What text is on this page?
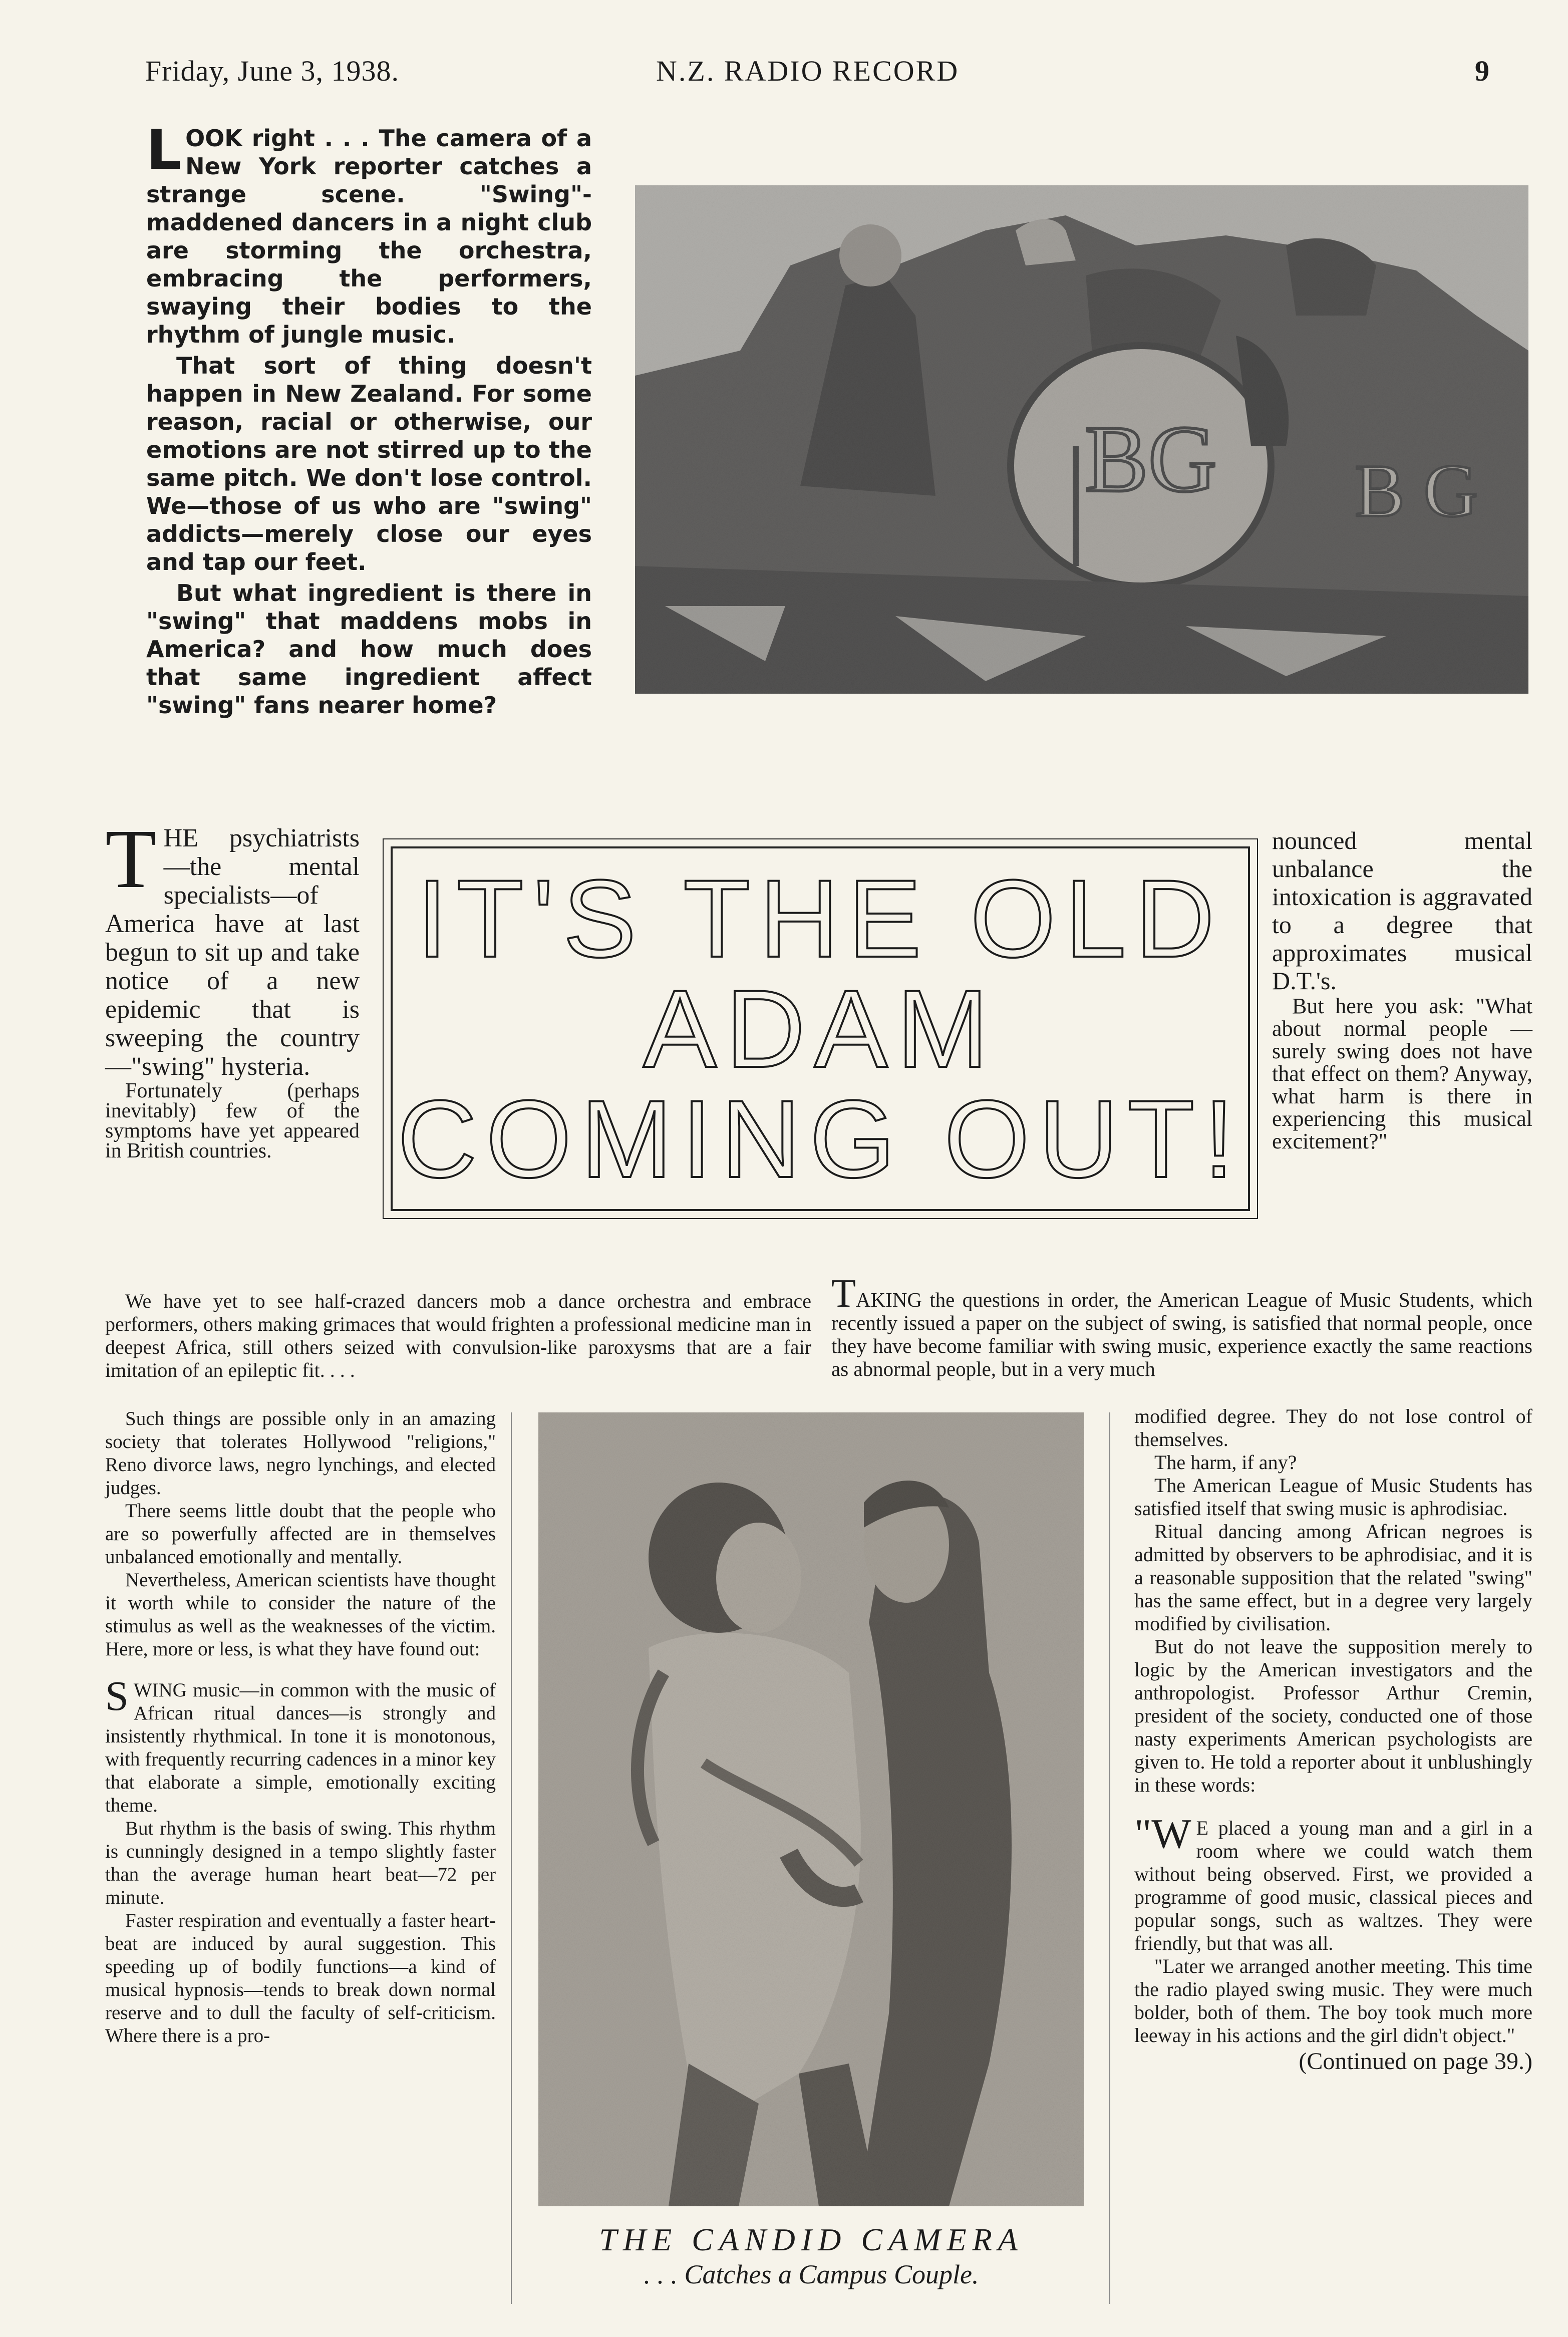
Friday, June 3, 1938.	N.Z. RADIO RECORD	9

LOOK right . . . The camera of a New York reporter catches a strange scene. "Swing"-maddened dancers in a night club are storming the orchestra, embracing the performers, swaying their bodies to the rhythm of jungle music.

That sort of thing doesn't happen in New Zealand. For some reason, racial or otherwise, our emotions are not stirred up to the same pitch. We don't lose control. We—those of us who are "swing" addicts—merely close our eyes and tap our feet.

But what ingredient is there in "swing" that maddens mobs in America? and how much does that same ingredient affect "swing" fans nearer home?

IT'S THE OLD
ADAM
COMING OUT!

THE psychiatrists—the mental specialists—of America have at last begun to sit up and take notice of a new epidemic that is sweeping the country—"swing" hysteria.

Fortunately (perhaps inevitably) few of the symptoms have yet appeared in British countries.

nounced mental unbalance the intoxication is aggravated to a degree that approximates musical D.T.'s.

But here you ask: "What about normal people — surely swing does not have that effect on them? Anyway, what harm is there in experiencing this musical excitement?"

We have yet to see half-crazed dancers mob a dance orchestra and embrace performers, others making grimaces that would frighten a professional medicine man in deepest Africa, still others seized with convulsion-like paroxysms that are a fair imitation of an epileptic fit. . . .

TAKING the questions in order, the American League of Music Students, which recently issued a paper on the subject of swing, is satisfied that normal people, once they have become familiar with swing music, experience exactly the same reactions as abnormal people, but in a very much

Such things are possible only in an amazing society that tolerates Hollywood "religions," Reno divorce laws, negro lynchings, and elected judges.

There seems little doubt that the people who are so powerfully affected are in themselves unbalanced emotionally and mentally.

Nevertheless, American scientists have thought it worth while to consider the nature of the stimulus as well as the weaknesses of the victim. Here, more or less, is what they have found out:

SWING music—in common with the music of African ritual dances—is strongly and insistently rhythmical. In tone it is monotonous, with frequently recurring cadences in a minor key that elaborate a simple, emotionally exciting theme.

But rhythm is the basis of swing. This rhythm is cunningly designed in a tempo slightly faster than the average human heart beat—72 per minute.

Faster respiration and eventually a faster heart-beat are induced by aural suggestion. This speeding up of bodily functions—a kind of musical hypnosis—tends to break down normal reserve and to dull the faculty of self-criticism. Where there is a pro-

THE CANDID CAMERA
. . . Catches a Campus Couple.

modified degree. They do not lose control of themselves.

The harm, if any?

The American League of Music Students has satisfied itself that swing music is aphrodisiac.

Ritual dancing among African negroes is admitted by observers to be aphrodisiac, and it is a reasonable supposition that the related "swing" has the same effect, but in a degree very largely modified by civilisation.

But do not leave the supposition merely to logic by the American investigators and the anthropologist. Professor Arthur Cremin, president of the society, conducted one of those nasty experiments American psychologists are given to. He told a reporter about it unblushingly in these words:

"W E placed a young man and a girl in a room where we could watch them without being observed. First, we provided a programme of good music, classical pieces and popular songs, such as waltzes. They were friendly, but that was all.

"Later we arranged another meeting. This time the radio played swing music. They were much bolder, both of them. The boy took much more leeway in his actions and the girl didn't object."

(Continued on page 39.)
